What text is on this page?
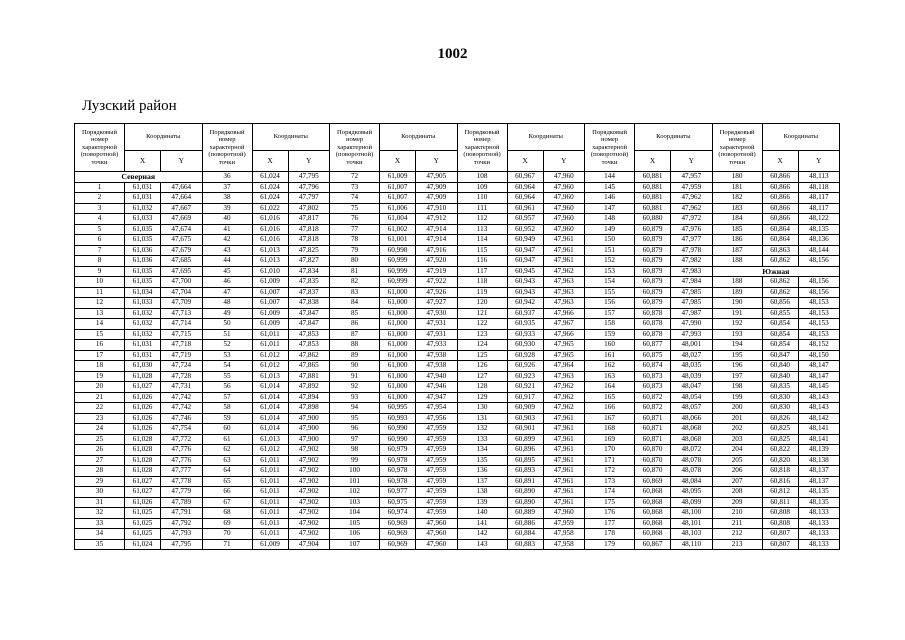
1002
Лузский район
Порядковый номер характерной (поворотной) точки	Координаты		Порядковый номер характерной (поворотной) точки	Координаты		Порядковый номер характерной (поворотной) точки	Координаты		Порядковый номер характерной (поворотной) точки	Координаты		Порядковый номер характерной (поворотной) точки	Координаты		Порядковый номер характерной (поворотной) точки	Координаты	
	X	Y		X	Y		X	Y		X	Y		X	Y		X	Y
Северная			36	61,024	47,795	72	61,009	47,905	108	60,967	47,960	144	60,881	47,957	180	60,866	48,113
1	61,031	47,664	37	61,024	47,796	73	61,007	47,909	109	60,964	47,960	145	60,881	47,959	181	60,866	48,118
2	61,031	47,664	38	61,024	47,797	74	61,007	47,909	110	60,964	47,960	146	60,881	47,962	182	60,866	48,117
3	61,032	47,667	39	61,022	47,802	75	61,006	47,910	111	60,961	47,960	147	60,881	47,962	183	60,866	48,117
4	61,033	47,669	40	61,016	47,817	76	61,004	47,912	112	60,957	47,960	148	60,880	47,972	184	60,866	48,122
5	61,035	47,674	41	61,016	47,818	77	61,002	47,914	113	60,952	47,960	149	60,879	47,976	185	60,864	48,135
6	61,035	47,675	42	61,016	47,818	78	61,001	47,914	114	60,949	47,961	150	60,879	47,977	186	60,864	48,136
7	61,036	47,679	43	61,013	47,825	79	60,998	47,916	115	60,947	47,961	151	60,879	47,978	187	60,863	48,144
8	61,036	47,685	44	61,013	47,827	80	60,999	47,920	116	60,947	47,961	152	60,879	47,982	188	60,862	48,156
9	61,035	47,695	45	61,010	47,834	81	60,999	47,919	117	60,945	47,962	153	60,879	47,983	Южная		
10	61,035	47,700	46	61,009	47,835	82	60,999	47,922	118	60,943	47,963	154	60,879	47,984	188	60,862	48,156
11	61,034	47,704	47	61,007	47,837	83	61,000	47,926	119	60,943	47,963	155	60,879	47,985	189	60,862	48,156
12	61,033	47,709	48	61,007	47,838	84	61,000	47,927	120	60,942	47,963	156	60,879	47,985	190	60,856	48,153
13	61,032	47,713	49	61,009	47,847	85	61,000	47,930	121	60,937	47,966	157	60,878	47,987	191	60,855	48,153
14	61,032	47,714	50	61,009	47,847	86	61,000	47,931	122	60,935	47,967	158	60,878	47,990	192	60,854	48,153
15	61,032	47,715	51	61,011	47,853	87	61,000	47,931	123	60,933	47,966	159	60,878	47,993	193	60,854	48,153
16	61,031	47,718	52	61,011	47,853	88	61,000	47,933	124	60,930	47,965	160	60,877	48,001	194	60,854	48,152
17	61,031	47,719	53	61,012	47,862	89	61,000	47,938	125	60,928	47,965	161	60,875	48,027	195	60,847	48,150
18	61,030	47,724	54	61,012	47,865	90	61,000	47,938	126	60,926	47,964	162	60,874	48,035	196	60,840	48,147
19	61,028	47,728	55	61,013	47,881	91	61,000	47,940	127	60,923	47,963	163	60,873	48,039	197	60,840	48,147
20	61,027	47,731	56	61,014	47,892	92	61,000	47,946	128	60,921	47,962	164	60,873	48,047	198	60,835	48,145
21	61,026	47,742	57	61,014	47,894	93	61,000	47,947	129	60,917	47,962	165	60,872	48,054	199	60,830	48,143
22	61,026	47,742	58	61,014	47,898	94	60,995	47,954	130	60,909	47,962	166	60,872	48,057	200	60,830	48,143
23	61,026	47,746	59	61,014	47,900	95	60,993	47,956	131	60,903	47,961	167	60,871	48,066	201	60,826	48,142
24	61,026	47,754	60	61,014	47,900	96	60,990	47,959	132	60,901	47,961	168	60,871	48,068	202	60,825	48,141
25	61,028	47,772	61	61,013	47,900	97	60,990	47,959	133	60,899	47,961	169	60,871	48,068	203	60,825	48,141
26	61,028	47,776	62	61,012	47,902	98	60,979	47,959	134	60,896	47,961	170	60,870	48,072	204	60,822	48,139
27	61,028	47,776	63	61,011	47,902	99	60,978	47,959	135	60,895	47,961	171	60,870	48,078	205	60,820	48,138
28	61,028	47,777	64	61,011	47,902	100	60,978	47,959	136	60,893	47,961	172	60,870	48,078	206	60,818	48,137
29	61,027	47,778	65	61,011	47,902	101	60,978	47,959	137	60,891	47,961	173	60,869	48,084	207	60,816	48,137
30	61,027	47,779	66	61,011	47,902	102	60,977	47,959	138	60,890	47,961	174	60,868	48,095	208	60,812	48,135
31	61,026	47,789	67	61,011	47,902	103	60,975	47,959	139	60,890	47,961	175	60,868	48,099	209	60,811	48,135
32	61,025	47,791	68	61,011	47,902	104	60,974	47,959	140	60,889	47,960	176	60,868	48,100	210	60,808	48,133
33	61,025	47,792	69	61,011	47,902	105	60,969	47,960	141	60,886	47,959	177	60,868	48,101	211	60,808	48,133
34	61,025	47,793	70	61,011	47,902	106	60,969	47,960	142	60,884	47,958	178	60,868	48,103	212	60,807	48,133
35	61,024	47,795	71	61,009	47,904	107	60,969	47,960	143	60,883	47,958	179	60,867	48,110	213	60,807	48,133
